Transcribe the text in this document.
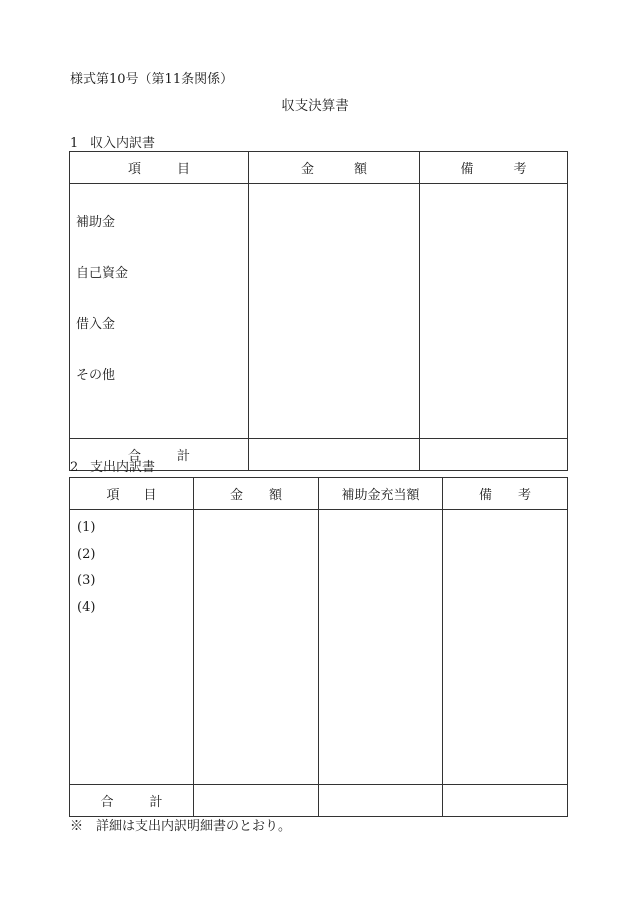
様式第10号（第11条関係）
収支決算書
1 収入内訳書
項 目	金 額	備 考

補助金
自己資金
借入金
その他		

合 計		

2 支出内訳書
項 目	金 額	補助金充当額	備 考

(1)
(2)
(3)
(4)			

合 計			

※　詳細は支出内訳明細書のとおり。
